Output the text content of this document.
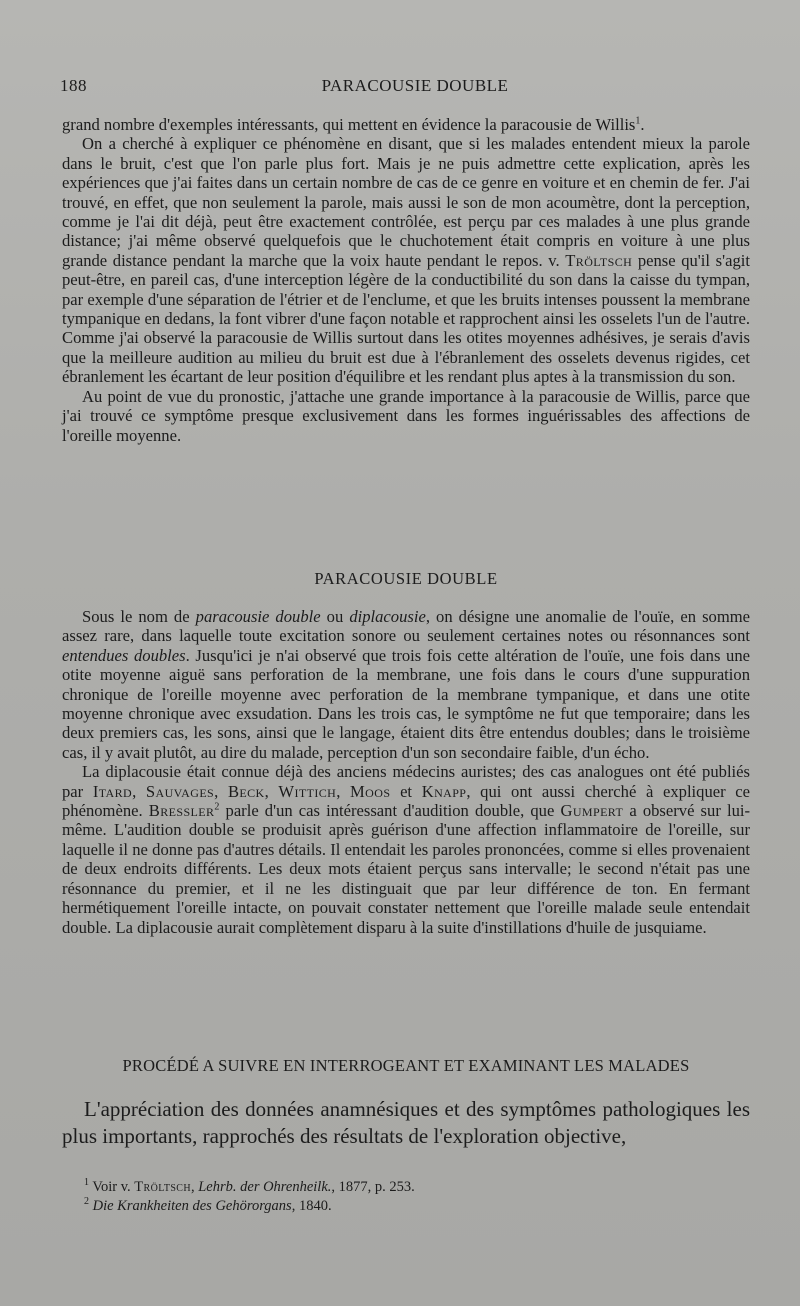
188	PARACOUSIE DOUBLE

grand nombre d'exemples intéressants, qui mettent en évidence la paracousie de Willis$^1$.

On a cherché à expliquer ce phénomène en disant, que si les malades entendent mieux la parole dans le bruit, c'est que l'on parle plus fort. Mais je ne puis admettre cette explication, après les expériences que j'ai faites dans un certain nombre de cas de ce genre en voiture et en chemin de fer. J'ai trouvé, en effet, que non seulement la parole, mais aussi le son de mon acoumètre, dont la perception, comme je l'ai dit déjà, peut être exactement contrôlée, est perçu par ces malades à une plus grande distance; j'ai même observé quelquefois que le chuchotement était compris en voiture à une plus grande distance pendant la marche que la voix haute pendant le repos. v. Tröltsch pense qu'il s'agit peut-être, en pareil cas, d'une interception légère de la conductibilité du son dans la caisse du tympan, par exemple d'une séparation de l'étrier et de l'enclume, et que les bruits intenses poussent la membrane tympanique en dedans, la font vibrer d'une façon notable et rapprochent ainsi les osselets l'un de l'autre. Comme j'ai observé la paracousie de Willis surtout dans les otites moyennes adhésives, je serais d'avis que la meilleure audition au milieu du bruit est due à l'ébranlement des osselets devenus rigides, cet ébranlement les écartant de leur position d'équilibre et les rendant plus aptes à la transmission du son.

Au point de vue du pronostic, j'attache une grande importance à la paracousie de Willis, parce que j'ai trouvé ce symptôme presque exclusivement dans les formes inguérissables des affections de l'oreille moyenne.

PARACOUSIE DOUBLE

Sous le nom de paracousie double ou diplacousie, on désigne une anomalie de l'ouïe, en somme assez rare, dans laquelle toute excitation sonore ou seulement certaines notes ou résonnances sont entendues doubles. Jusqu'ici je n'ai observé que trois fois cette altération de l'ouïe, une fois dans une otite moyenne aiguë sans perforation de la membrane, une fois dans le cours d'une suppuration chronique de l'oreille moyenne avec perforation de la membrane tympanique, et dans une otite moyenne chronique avec exsudation. Dans les trois cas, le symptôme ne fut que temporaire; dans les deux premiers cas, les sons, ainsi que le langage, étaient dits être entendus doubles; dans le troisième cas, il y avait plutôt, au dire du malade, perception d'un son secondaire faible, d'un écho.

La diplacousie était connue déjà des anciens médecins auristes; des cas analogues ont été publiés par Itard, Sauvages, Beck, Wittich, Moos et Knapp, qui ont aussi cherché à expliquer ce phénomène. Bressler$^2$ parle d'un cas intéressant d'audition double, que Gumpert a observé sur lui-même. L'audition double se produisit après guérison d'une affection inflammatoire de l'oreille, sur laquelle il ne donne pas d'autres détails. Il entendait les paroles prononcées, comme si elles provenaient de deux endroits différents. Les deux mots étaient perçus sans intervalle; le second n'était pas une résonnance du premier, et il ne les distinguait que par leur différence de ton. En fermant hermétiquement l'oreille intacte, on pouvait constater nettement que l'oreille malade seule entendait double. La diplacousie aurait complètement disparu à la suite d'instillations d'huile de jusquiame.

PROCÉDÉ A SUIVRE EN INTERROGEANT ET EXAMINANT LES MALADES

L'appréciation des données anamnésiques et des symptômes pathologiques les plus importants, rapprochés des résultats de l'exploration objective,

$^1$ Voir v. Tröltsch, Lehrb. der Ohrenheilk., 1877, p. 253.
$^2$ Die Krankheiten des Gehörorgans, 1840.
